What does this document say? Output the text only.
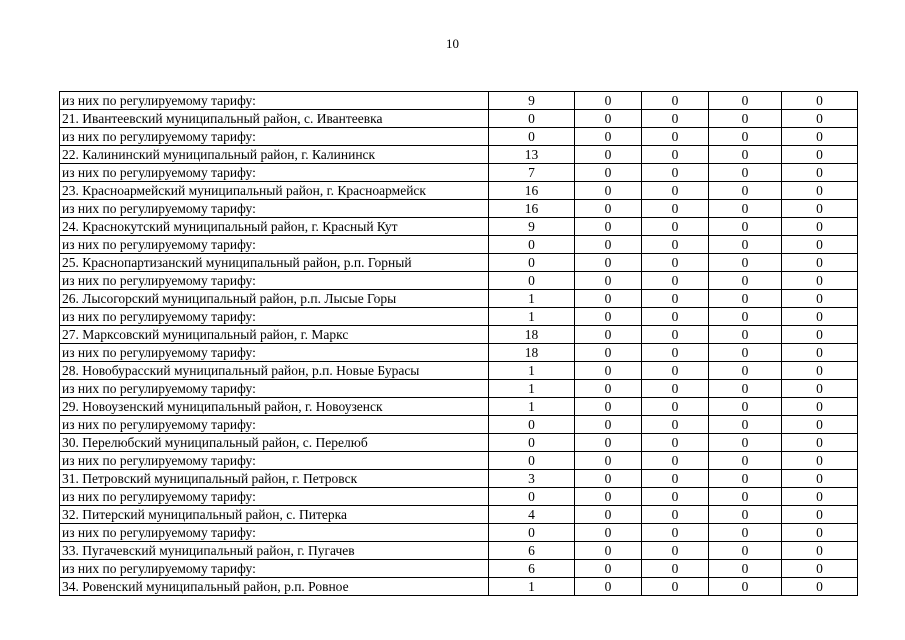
10
из них по регулируемому тарифу:	9	0	0	0	0
21. Ивантеевский муниципальный район, с. Ивантеевка	0	0	0	0	0
из них по регулируемому тарифу:	0	0	0	0	0
22. Калининский муниципальный район, г. Калининск	13	0	0	0	0
из них по регулируемому тарифу:	7	0	0	0	0
23. Красноармейский муниципальный район, г. Красноармейск	16	0	0	0	0
из них по регулируемому тарифу:	16	0	0	0	0
24. Краснокутский муниципальный район, г. Красный Кут	9	0	0	0	0
из них по регулируемому тарифу:	0	0	0	0	0
25. Краснопартизанский муниципальный район, р.п. Горный	0	0	0	0	0
из них по регулируемому тарифу:	0	0	0	0	0
26. Лысогорский муниципальный район, р.п. Лысые Горы	1	0	0	0	0
из них по регулируемому тарифу:	1	0	0	0	0
27. Марксовский муниципальный район, г. Маркс	18	0	0	0	0
из них по регулируемому тарифу:	18	0	0	0	0
28. Новобурасский муниципальный район, р.п. Новые Бурасы	1	0	0	0	0
из них по регулируемому тарифу:	1	0	0	0	0
29. Новоузенский муниципальный район, г. Новоузенск	1	0	0	0	0
из них по регулируемому тарифу:	0	0	0	0	0
30. Перелюбский муниципальный район, с. Перелюб	0	0	0	0	0
из них по регулируемому тарифу:	0	0	0	0	0
31. Петровский муниципальный район, г. Петровск	3	0	0	0	0
из них по регулируемому тарифу:	0	0	0	0	0
32. Питерский муниципальный район, с. Питерка	4	0	0	0	0
из них по регулируемому тарифу:	0	0	0	0	0
33. Пугачевский муниципальный район, г. Пугачев	6	0	0	0	0
из них по регулируемому тарифу:	6	0	0	0	0
34. Ровенский муниципальный район, р.п. Ровное	1	0	0	0	0
